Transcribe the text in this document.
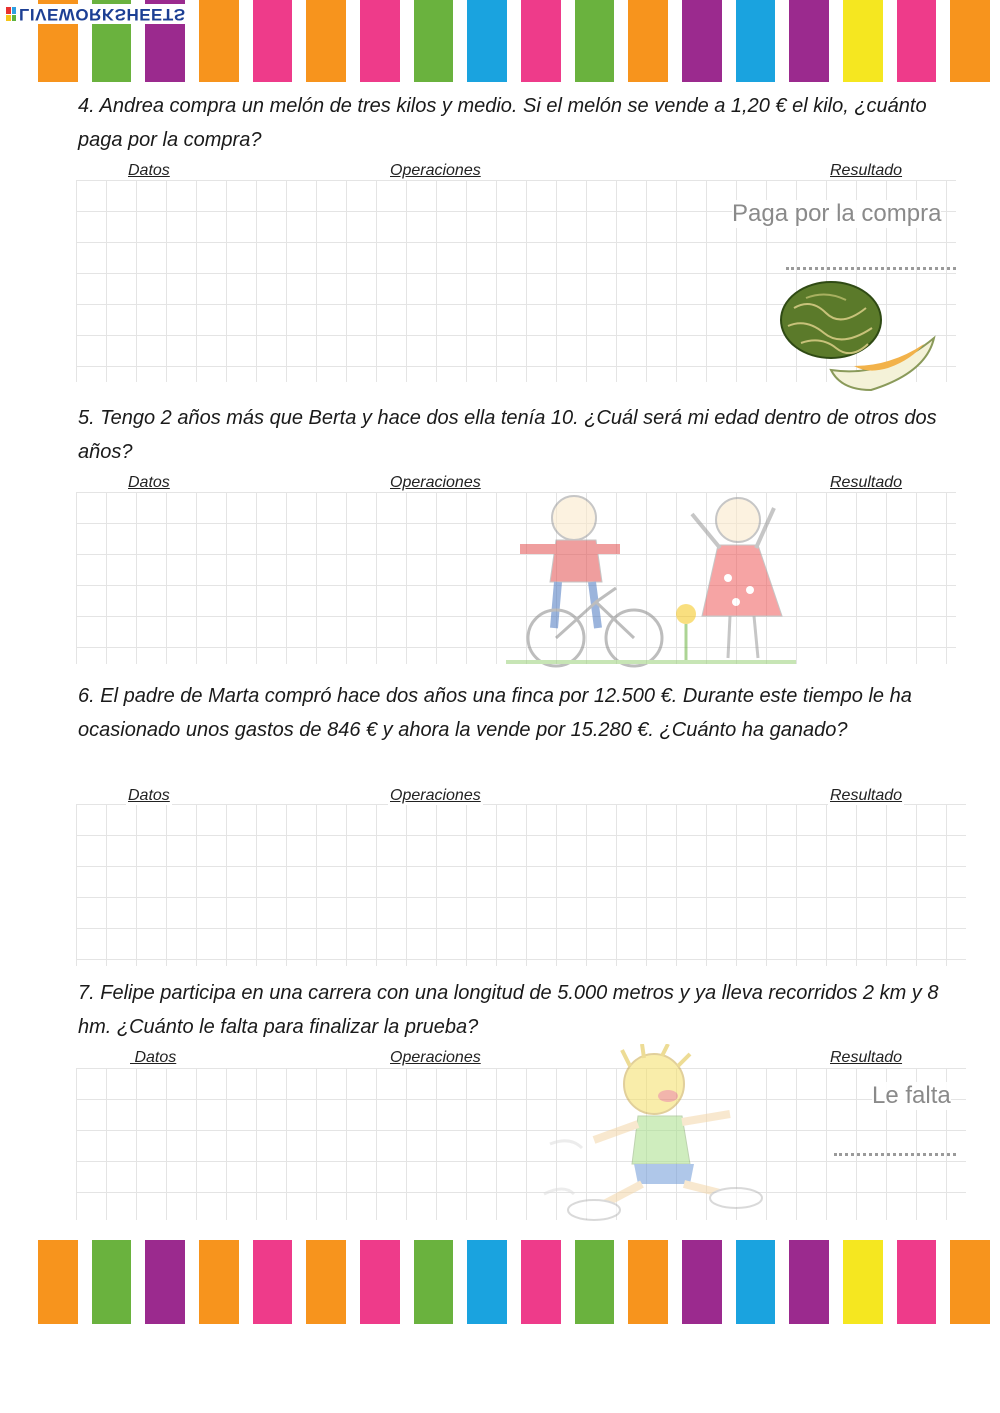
LIVEWORKSHEETS
4. Andrea compra un melón de tres kilos y medio. Si el melón se vende a 1,20 € el kilo, ¿cuánto paga por la compra?
Datos	Operaciones	Resultado
Paga por la compra
5. Tengo 2 años más que Berta y hace dos ella tenía 10. ¿Cuál será mi edad dentro de otros dos años?
Datos	Operaciones	Resultado
6. El padre de Marta compró hace dos años una finca por 12.500 €. Durante este tiempo le ha ocasionado unos gastos de 846 € y ahora la vende por 15.280 €. ¿Cuánto ha ganado?
Datos	Operaciones	Resultado
7. Felipe participa en una carrera con una longitud de 5.000 metros y ya lleva recorridos 2 km y 8 hm. ¿Cuánto le falta para finalizar la prueba?
Datos	Operaciones	Resultado
Le falta
